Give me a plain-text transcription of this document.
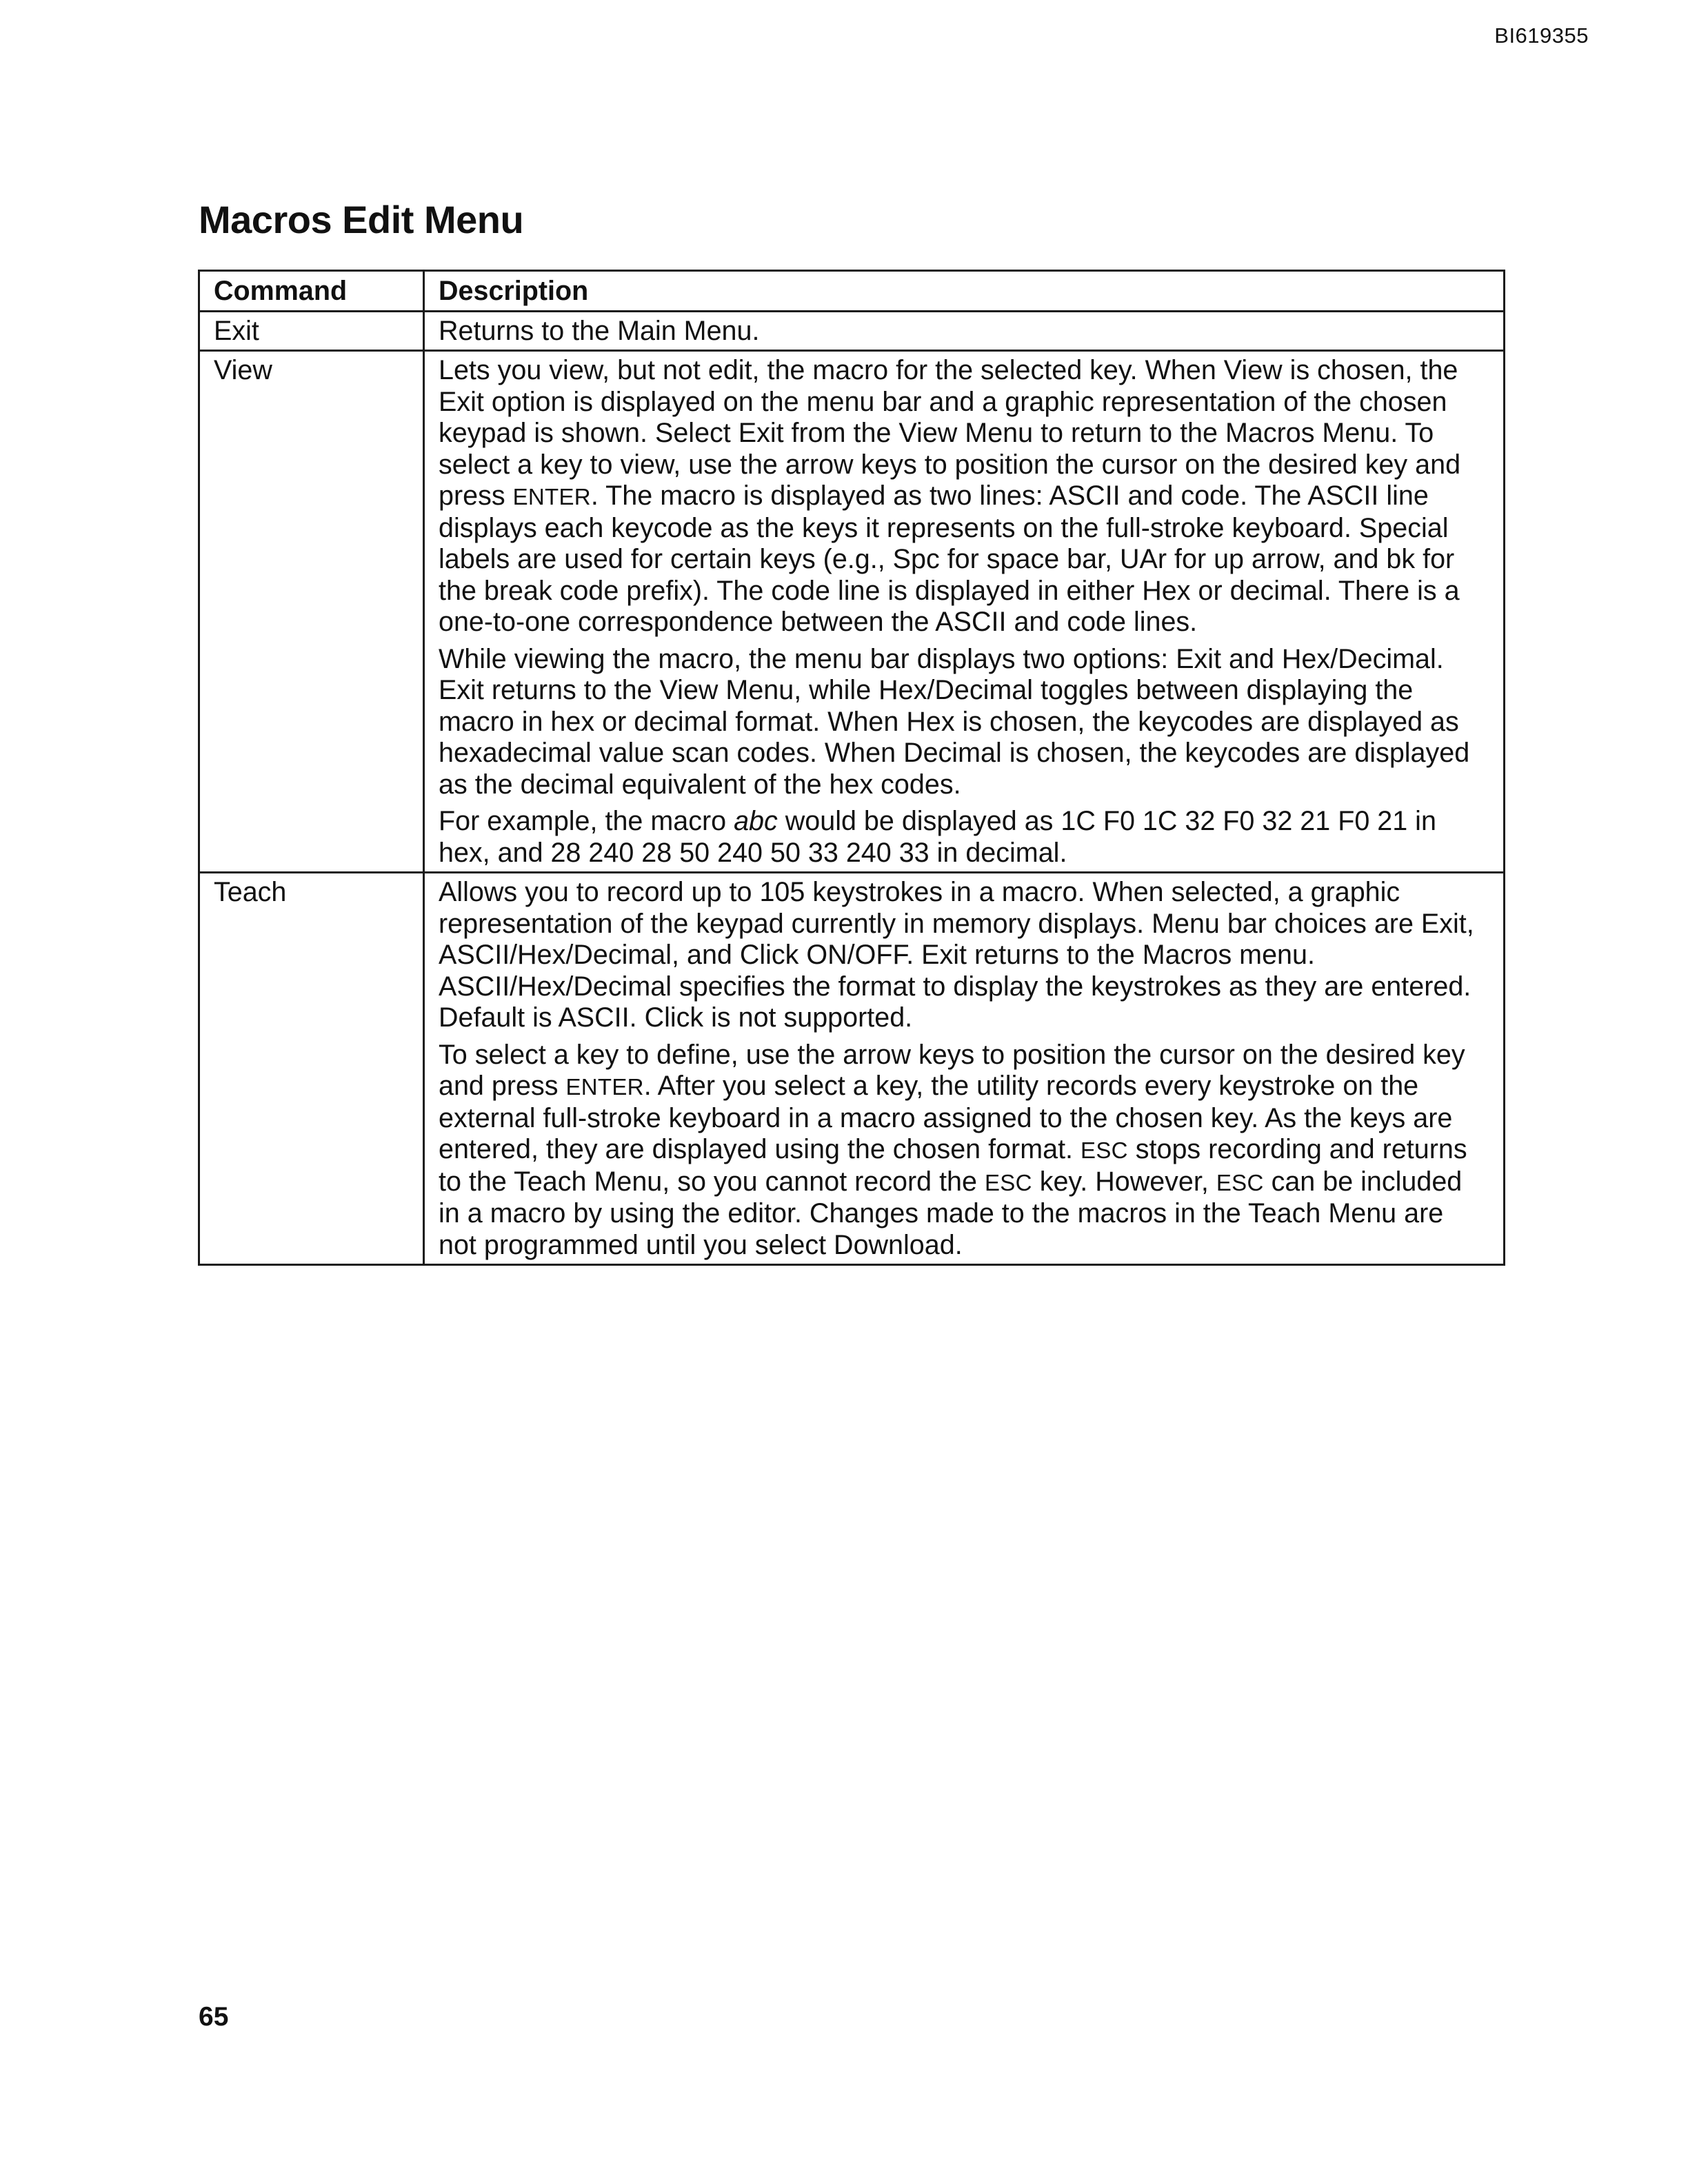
BI619355
Macros Edit Menu
Command	Description
Exit	Returns to the Main Menu.

View	Lets you view, but not edit, the macro for the selected key. When View is chosen, the Exit option is displayed on the menu bar and a graphic representation of the chosen keypad is shown. Select Exit from the View Menu to return to the Macros Menu. To select a key to view, use the arrow keys to position the cursor on the desired key and press ENTER. The macro is displayed as two lines: ASCII and code. The ASCII line displays each keycode as the keys it represents on the full-stroke keyboard. Special labels are used for certain keys (e.g., Spc for space bar, UAr for up arrow, and bk for the break code prefix). The code line is displayed in either Hex or decimal. There is a one-to-one correspondence between the ASCII and code lines.

While viewing the macro, the menu bar displays two options: Exit and Hex/Decimal. Exit returns to the View Menu, while Hex/Decimal toggles between displaying the macro in hex or decimal format. When Hex is chosen, the keycodes are displayed as hexadecimal value scan codes. When Decimal is chosen, the keycodes are displayed as the decimal equivalent of the hex codes.

For example, the macro abc would be displayed as 1C F0 1C 32 F0 32 21 F0 21 in hex, and 28 240 28 50 240 50 33 240 33 in decimal.

Teach	Allows you to record up to 105 keystrokes in a macro. When selected, a graphic representation of the keypad currently in memory displays. Menu bar choices are Exit, ASCII/Hex/Decimal, and Click ON/OFF. Exit returns to the Macros menu. ASCII/Hex/Decimal specifies the format to display the keystrokes as they are entered. Default is ASCII. Click is not supported.

To select a key to define, use the arrow keys to position the cursor on the desired key and press ENTER. After you select a key, the utility records every keystroke on the external full-stroke keyboard in a macro assigned to the chosen key. As the keys are entered, they are displayed using the chosen format. ESC stops recording and returns to the Teach Menu, so you cannot record the ESC key. However, ESC can be included in a macro by using the editor. Changes made to the macros in the Teach Menu are not programmed until you select Download.

65
